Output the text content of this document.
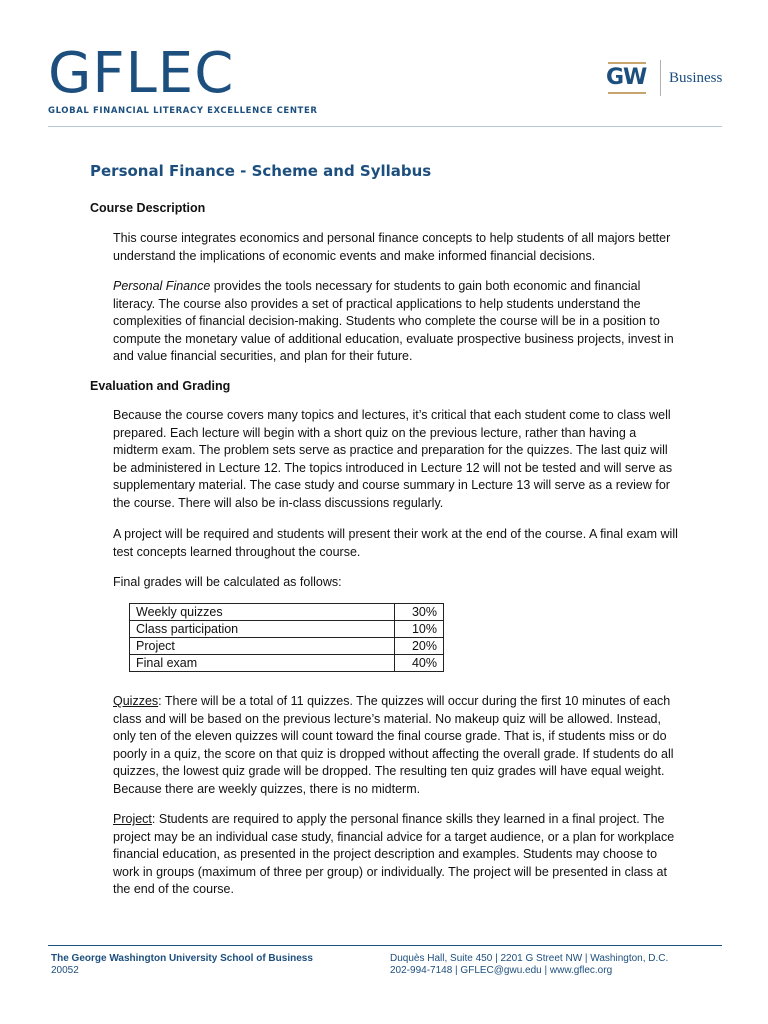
GFLEC
GLOBAL FINANCIAL LITERACY EXCELLENCE CENTER
GW Business
Personal Finance - Scheme and Syllabus
Course Description
This course integrates economics and personal finance concepts to help students of all majors better understand the implications of economic events and make informed financial decisions.
Personal Finance provides the tools necessary for students to gain both economic and financial literacy. The course also provides a set of practical applications to help students understand the complexities of financial decision-making. Students who complete the course will be in a position to compute the monetary value of additional education, evaluate prospective business projects, invest in and value financial securities, and plan for their future.
Evaluation and Grading
Because the course covers many topics and lectures, it’s critical that each student come to class well prepared. Each lecture will begin with a short quiz on the previous lecture, rather than having a midterm exam. The problem sets serve as practice and preparation for the quizzes. The last quiz will be administered in Lecture 12. The topics introduced in Lecture 12 will not be tested and will serve as supplementary material. The case study and course summary in Lecture 13 will serve as a review for the course. There will also be in-class discussions regularly.
A project will be required and students will present their work at the end of the course. A final exam will test concepts learned throughout the course.
Final grades will be calculated as follows:
Weekly quizzes	30%
Class participation	10%
Project	20%
Final exam	40%
Quizzes: There will be a total of 11 quizzes. The quizzes will occur during the first 10 minutes of each class and will be based on the previous lecture’s material. No makeup quiz will be allowed. Instead, only ten of the eleven quizzes will count toward the final course grade. That is, if students miss or do poorly in a quiz, the score on that quiz is dropped without affecting the overall grade. If students do all quizzes, the lowest quiz grade will be dropped. The resulting ten quiz grades will have equal weight. Because there are weekly quizzes, there is no midterm.
Project: Students are required to apply the personal finance skills they learned in a final project. The project may be an individual case study, financial advice for a target audience, or a plan for workplace financial education, as presented in the project description and examples. Students may choose to work in groups (maximum of three per group) or individually. The project will be presented in class at the end of the course.
The George Washington University School of Business
20052
Duquès Hall, Suite 450 | 2201 G Street NW | Washington, D.C.
202-994-7148 | GFLEC@gwu.edu | www.gflec.org
